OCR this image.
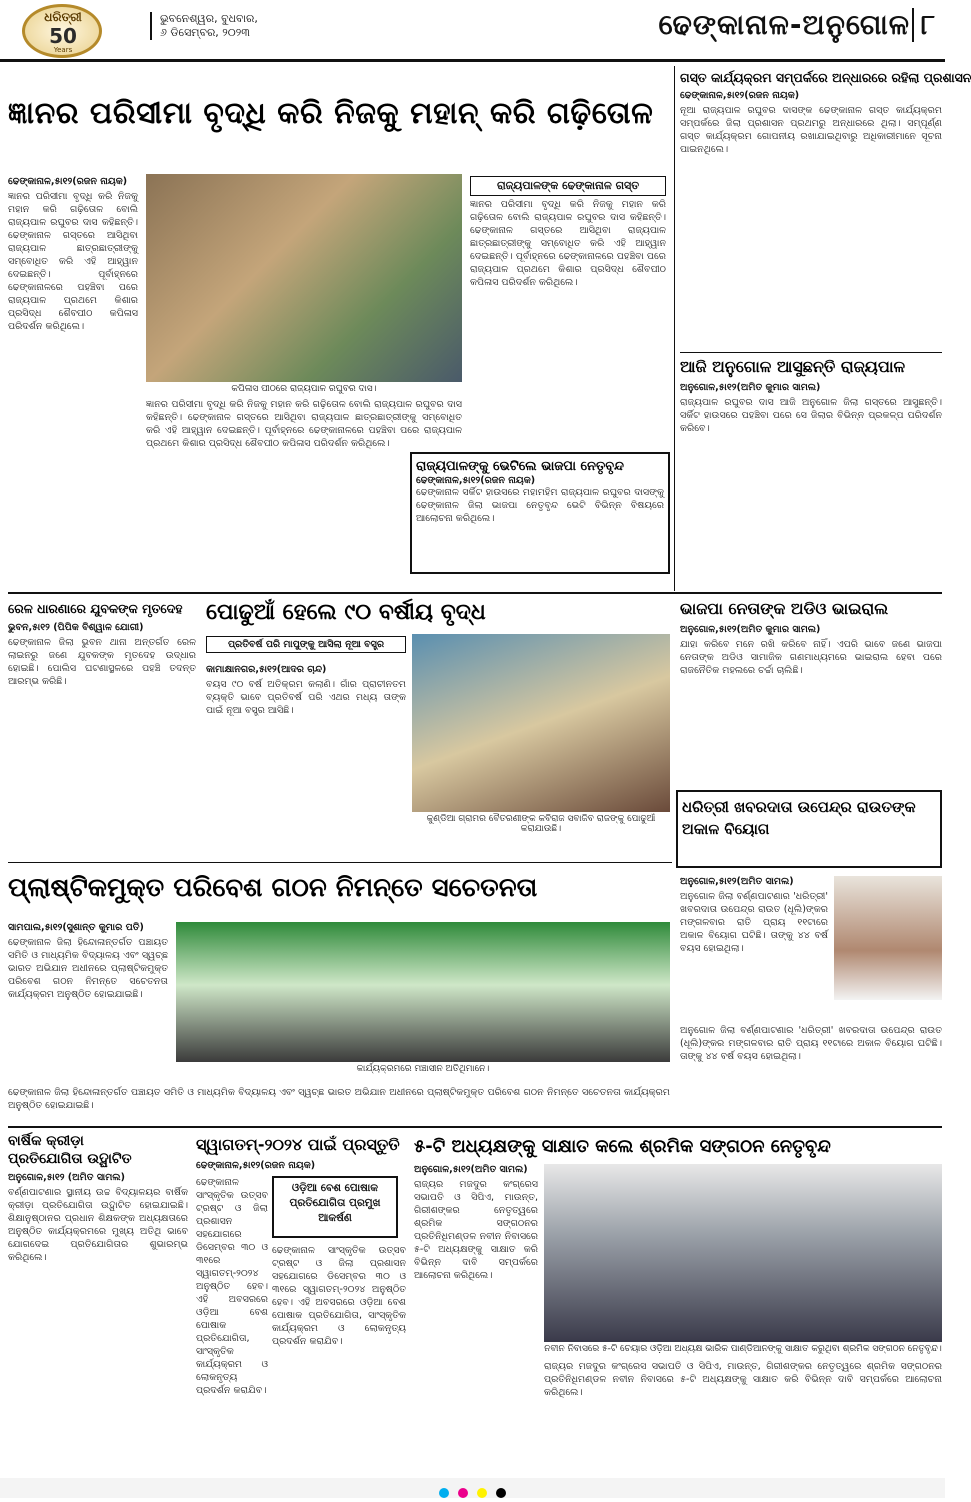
ଧରିତ୍ରୀ
50
Years
ଭୁବନେଶ୍ୱର, ବୁଧବାର,
୬ ଡିସେମ୍ବର, ୨୦୨୩	ଢେଙ୍କାନାଳ-ଅନୁଗୋଳ ୮
ଜ୍ଞାନର ପରିସୀମା ବୃଦ୍ଧି କରି ନିଜକୁ ମହାନ୍ କରି ଗଢ଼ିତୋଳ
ଗସ୍ତ କାର୍ଯ୍ୟକ୍ରମ ସମ୍ପର୍କରେ ଅନ୍ଧାରରେ ରହିଲା ପ୍ରଶାସନ
ଢେଙ୍କାନାଳ,୫ା୧୨(ରଜନ ନାୟକ)
ନୂଆ ରାଜ୍ୟପାଳ ରଘୁବର ଦାସଙ୍କ ଢେଙ୍କାନାଳ ଗସ୍ତ କାର୍ଯ୍ୟକ୍ରମ ସମ୍ପର୍କରେ ଜିଲା ପ୍ରଶାସନ ପ୍ରଥମରୁ ଅନ୍ଧାରରେ ଥିଲା। ସମ୍ପୂର୍ଣ୍ଣ ଗସ୍ତ କାର୍ଯ୍ୟକ୍ରମ ଗୋପନୀୟ ରଖାଯାଇଥିବାରୁ ଅଧିକାରୀମାନେ ସୂଚନା ପାଇନଥିଲେ।
ଢେଙ୍କାନାଳ,୫ା୧୨(ରଜନ ନାୟକ)
ଜ୍ଞାନର ପରିସୀମା ବୃଦ୍ଧି କରି ନିଜକୁ ମହାନ କରି ଗଢ଼ିତୋଳ ବୋଲି ରାଜ୍ୟପାଳ ରଘୁବର ଦାସ କହିଛନ୍ତି। ଢେଙ୍କାନାଳ ଗସ୍ତରେ ଆସିଥିବା ରାଜ୍ୟପାଳ ଛାତ୍ରଛାତ୍ରୀଙ୍କୁ ସମ୍ବୋଧିତ କରି ଏହି ଆହ୍ୱାନ ଦେଇଛନ୍ତି। ପୂର୍ବାହ୍ନରେ ଢେଙ୍କାନାଳରେ ପହଞ୍ଚିବା ପରେ ରାଜ୍ୟପାଳ ପ୍ରଥମେ କିଶାର ପ୍ରସିଦ୍ଧ ଶୈବପୀଠ କପିଳାସ ପରିଦର୍ଶନ କରିଥିଲେ।
କପିଳାସ ପୀଠରେ ରାଜ୍ୟପାଳ ରଘୁବର ଦାସ।
ରାଜ୍ୟପାଳଙ୍କ ଢେଙ୍କାନାଳ ଗସ୍ତ
ଜ୍ଞାନର ପରିସୀମା ବୃଦ୍ଧି କରି ନିଜକୁ ମହାନ କରି ଗଢ଼ିତୋଳ ବୋଲି ରାଜ୍ୟପାଳ ରଘୁବର ଦାସ କହିଛନ୍ତି। ଢେଙ୍କାନାଳ ଗସ୍ତରେ ଆସିଥିବା ରାଜ୍ୟପାଳ ଛାତ୍ରଛାତ୍ରୀଙ୍କୁ ସମ୍ବୋଧିତ କରି ଏହି ଆହ୍ୱାନ ଦେଇଛନ୍ତି। ପୂର୍ବାହ୍ନରେ ଢେଙ୍କାନାଳରେ ପହଞ୍ଚିବା ପରେ ରାଜ୍ୟପାଳ ପ୍ରଥମେ କିଶାର ପ୍ରସିଦ୍ଧ ଶୈବପୀଠ କପିଳାସ ପରିଦର୍ଶନ କରିଥିଲେ।
ଜ୍ଞାନର ପରିସୀମା ବୃଦ୍ଧି କରି ନିଜକୁ ମହାନ କରି ଗଢ଼ିତୋଳ ବୋଲି ରାଜ୍ୟପାଳ ରଘୁବର ଦାସ କହିଛନ୍ତି। ଢେଙ୍କାନାଳ ଗସ୍ତରେ ଆସିଥିବା ରାଜ୍ୟପାଳ ଛାତ୍ରଛାତ୍ରୀଙ୍କୁ ସମ୍ବୋଧିତ କରି ଏହି ଆହ୍ୱାନ ଦେଇଛନ୍ତି। ପୂର୍ବାହ୍ନରେ ଢେଙ୍କାନାଳରେ ପହଞ୍ଚିବା ପରେ ରାଜ୍ୟପାଳ ପ୍ରଥମେ କିଶାର ପ୍ରସିଦ୍ଧ ଶୈବପୀଠ କପିଳାସ ପରିଦର୍ଶନ କରିଥିଲେ।
ରାଜ୍ୟପାଳଙ୍କୁ ଭେଟିଲେ ଭାଜପା ନେତୃବୃନ୍ଦ
ଢେଙ୍କାନାଳ,୫ା୧୨(ରଜନ ନାୟକ)
ଢେଙ୍କାନାଳ ସର୍କିଟ ହାଉସରେ ମହାମହିମ ରାଜ୍ୟପାଳ ରଘୁବର ଦାସଙ୍କୁ ଢେଙ୍କାନାଳ ଜିଲା ଭାଜପା ନେତୃବୃନ୍ଦ ଭେଟି ବିଭିନ୍ନ ବିଷୟରେ ଆଲୋଚନା କରିଥିଲେ।
ଆଜି ଅନୁଗୋଳ ଆସୁଛନ୍ତି ରାଜ୍ୟପାଳ
ଅନୁଗୋଳ,୫ା୧୨(ଅମିତ କୁମାର ସାମଲ)
ରାଜ୍ୟପାଳ ରଘୁବର ଦାସ ଆଜି ଅନୁଗୋଳ ଜିଲା ଗସ୍ତରେ ଆସୁଛନ୍ତି। ସର୍କିଟ ହାଉସରେ ପହଞ୍ଚିବା ପରେ ସେ ଜିଲାର ବିଭିନ୍ନ ପ୍ରକଳ୍ପ ପରିଦର୍ଶନ କରିବେ।
ରେଳ ଧାରଣାରେ ଯୁବକଙ୍କ ମୃତଦେହ
ଭୁବନ,୫ା୧୨ (ପିପିକ ବିଶ୍ୱାଳ ଯୋଗୀ)
ଢେଙ୍କାନାଳ ଜିଲା ଭୁବନ ଥାନା ଅନ୍ତର୍ଗତ ରେଳ ଲାଇନରୁ ଜଣେ ଯୁବକଙ୍କ ମୃତଦେହ ଉଦ୍ଧାର ହୋଇଛି। ପୋଲିସ ଘଟଣାସ୍ଥଳରେ ପହଞ୍ଚି ତଦନ୍ତ ଆରମ୍ଭ କରିଛି।
ପୋଢୁଆଁ ହେଲେ ୯୦ ବର୍ଷୀୟ ବୃଦ୍ଧ
ପ୍ରତିବର୍ଷ ପରି ମାପୁଙ୍କୁ ଆସିଲା ନୂଆ ବସ୍ତ୍ର
କାମାକ୍ଷାନଗର,୫ା୧୨(ଆଦର ଚାନ୍ଦ)
ବୟସ ୯୦ ବର୍ଷ ଅତିକ୍ରମ କଲାଣି। ଗାଁର ପ୍ରାଚୀନତମ ବ୍ୟକ୍ତି ଭାବେ ପ୍ରତିବର୍ଷ ପରି ଏଥର ମଧ୍ୟ ତାଙ୍କ ପାଇଁ ନୂଆ ବସ୍ତ୍ର ଆସିଛି।
କୁଣ୍ଡିଆ ଗ୍ରାମର ବୈତରଣୀଙ୍କ କବିରାଜ ସବାଜିବ ରାଜଙ୍କୁ ପୋଢୁଆଁ କରାଯାଉଛି।
ଭାଜପା ନେତାଙ୍କ ଅଡିଓ ଭାଇରାଲ
ଅନୁଗୋଳ,୫ା୧୨(ଅମିତ କୁମାର ସାମଲ)
ଯାହା କରିବେ ମନେ ରଖି କରିବେ ନାହିଁ। ଏପରି ଭାବେ ଜଣେ ଭାଜପା ନେତାଙ୍କ ଅଡିଓ ସାମାଜିକ ଗଣମାଧ୍ୟମରେ ଭାଇରାଲ ହେବା ପରେ ରାଜନୈତିକ ମହଲରେ ଚର୍ଚ୍ଚା ଚାଲିଛି।
ଧରିତ୍ରୀ ଖବରଦାତା ଉପେନ୍ଦ୍ର ରାଉତଙ୍କ ଅକାଳ ବିୟୋଗ
ଅନୁଗୋଳ,୫ା୧୨(ଅମିତ ସାମଲ)
ଅନୁଗୋଳ ଜିଲା ବର୍ଣ୍ଣପାଟଣାର 'ଧରିତ୍ରୀ' ଖବରଦାତା ଉପେନ୍ଦ୍ର ରାଉତ (ଧୂଲି)ଙ୍କର ମଙ୍ଗଳବାର ରାତି ପ୍ରାୟ ୧୧ଟାରେ ଅକାଳ ବିୟୋଗ ଘଟିଛି। ତାଙ୍କୁ ୪୪ ବର୍ଷ ବୟସ ହୋଇଥିଲା।
ପ୍ଲାଷ୍ଟିକମୁକ୍ତ ପରିବେଶ ଗଠନ ନିମନ୍ତେ ସଚେତନତା
ସାମପାଲ,୫ା୧୨(ସୁଶାନ୍ତ କୁମାର ପତି)
ଢେଙ୍କାନାଳ ଜିଲା ହିନ୍ଦୋଳାନ୍ତର୍ଗତ ପଞ୍ଚାୟତ ସମିତି ଓ ମାଧ୍ୟମିକ ବିଦ୍ୟାଳୟ ଏବଂ ସ୍ୱଚ୍ଛ ଭାରତ ଅଭିଯାନ ଅଧୀନରେ ପ୍ଲାଷ୍ଟିକମୁକ୍ତ ପରିବେଶ ଗଠନ ନିମନ୍ତେ ସଚେତନତା କାର୍ଯ୍ୟକ୍ରମ ଅନୁଷ୍ଠିତ ହୋଇଯାଇଛି।
କାର୍ଯ୍ୟକ୍ରମରେ ମଞ୍ଚାସୀନ ଅତିଥିମାନେ।
ଢେଙ୍କାନାଳ ଜିଲା ହିନ୍ଦୋଳାନ୍ତର୍ଗତ ପଞ୍ଚାୟତ ସମିତି ଓ ମାଧ୍ୟମିକ ବିଦ୍ୟାଳୟ ଏବଂ ସ୍ୱଚ୍ଛ ଭାରତ ଅଭିଯାନ ଅଧୀନରେ ପ୍ଲାଷ୍ଟିକମୁକ୍ତ ପରିବେଶ ଗଠନ ନିମନ୍ତେ ସଚେତନତା କାର୍ଯ୍ୟକ୍ରମ ଅନୁଷ୍ଠିତ ହୋଇଯାଇଛି।
ଅନୁଗୋଳ ଜିଲା ବର୍ଣ୍ଣପାଟଣାର 'ଧରିତ୍ରୀ' ଖବରଦାତା ଉପେନ୍ଦ୍ର ରାଉତ (ଧୂଲି)ଙ୍କର ମଙ୍ଗଳବାର ରାତି ପ୍ରାୟ ୧୧ଟାରେ ଅକାଳ ବିୟୋଗ ଘଟିଛି। ତାଙ୍କୁ ୪୪ ବର୍ଷ ବୟସ ହୋଇଥିଲା।
ବାର୍ଷିକ କ୍ରୀଡ଼ା
ପ୍ରତିଯୋଗିତା ଉଦ୍ଘାଟିତ
ଅନୁଗୋଳ,୫ା୧୨ (ଅମିତ ସାମଲ)
ବର୍ଣ୍ଣପାଟଣାର ସ୍ଥାନୀୟ ଉଚ୍ଚ ବିଦ୍ୟାଳୟର ବାର୍ଷିକ କ୍ରୀଡ଼ା ପ୍ରତିଯୋଗିତା ଉଦ୍ଘାଟିତ ହୋଇଯାଇଛି। ଶିକ୍ଷାନୁଷ୍ଠାନର ପ୍ରଧାନ ଶିକ୍ଷକଙ୍କ ଅଧ୍ୟକ୍ଷତାରେ ଅନୁଷ୍ଠିତ କାର୍ଯ୍ୟକ୍ରମରେ ମୁଖ୍ୟ ଅତିଥି ଭାବେ ଯୋଗଦେଇ ପ୍ରତିଯୋଗିତାର ଶୁଭାରମ୍ଭ କରିଥିଲେ।
ସ୍ୱାଗତମ୍-୨୦୨୪ ପାଇଁ ପ୍ରସ୍ତୁତି
ଢେଙ୍କାନାଳ,୫ା୧୨(ରଜନ ନାୟକ)
ଓଡ଼ିଆ ବେଶ ପୋଷାକ ପ୍ରତିଯୋଗିତା ପ୍ରମୁଖ ଆକର୍ଷଣ
ଢେଙ୍କାନାଳ ସାଂସ୍କୃତିକ ଉତ୍ସବ ଟ୍ରଷ୍ଟ ଓ ଜିଲା ପ୍ରଶାସନ ସହଯୋଗରେ ଡିସେମ୍ବର ୩୦ ଓ ୩୧ରେ ସ୍ୱାଗତମ୍-୨୦୨୪ ଅନୁଷ୍ଠିତ ହେବ। ଏହି ଅବସରରେ ଓଡ଼ିଆ ବେଶ ପୋଷାକ ପ୍ରତିଯୋଗିତା, ସାଂସ୍କୃତିକ କାର୍ଯ୍ୟକ୍ରମ ଓ ଲୋକନୃତ୍ୟ ପ୍ରଦର୍ଶନ କରାଯିବ।
ଢେଙ୍କାନାଳ ସାଂସ୍କୃତିକ ଉତ୍ସବ ଟ୍ରଷ୍ଟ ଓ ଜିଲା ପ୍ରଶାସନ ସହଯୋଗରେ ଡିସେମ୍ବର ୩୦ ଓ ୩୧ରେ ସ୍ୱାଗତମ୍-୨୦୨୪ ଅନୁଷ୍ଠିତ ହେବ। ଏହି ଅବସରରେ ଓଡ଼ିଆ ବେଶ ପୋଷାକ ପ୍ରତିଯୋଗିତା, ସାଂସ୍କୃତିକ କାର୍ଯ୍ୟକ୍ରମ ଓ ଲୋକନୃତ୍ୟ ପ୍ରଦର୍ଶନ କରାଯିବ।
୫-ଟି ଅଧ୍ୟକ୍ଷଙ୍କୁ ସାକ୍ଷାତ କଲେ ଶ୍ରମିକ ସଙ୍ଗଠନ ନେତୃବୃନ୍ଦ
ଅନୁଗୋଳ,୫ା୧୨(ଅମିତ ସାମଲ)
ରାଜ୍ୟର ମଜଦୁର କଂଗ୍ରେସ ସଭାପତି ଓ ସିପିଏ, ମାଉନ୍ତ, ଗିରୀଶଙ୍କର ନେତୃତ୍ୱରେ ଶ୍ରମିକ ସଙ୍ଗଠନର ପ୍ରତିନିଧିମଣ୍ଡଳ ନବୀନ ନିବାସରେ ୫-ଟି ଅଧ୍ୟକ୍ଷଙ୍କୁ ସାକ୍ଷାତ କରି ବିଭିନ୍ନ ଦାବି ସମ୍ପର୍କରେ ଆଲୋଚନା କରିଥିଲେ।
ନବୀନ ନିବାସରେ ୫-ଟି ଚେୟାର ଓଡ଼ିଆ ଅଧ୍ୟକ୍ଷ ଭାରିକ ପାଣ୍ଡିଆନଙ୍କୁ ସାକ୍ଷାତ କରୁଥିବା ଶ୍ରମିକ ସଙ୍ଗଠନ ନେତୃବୃନ୍ଦ।
ରାଜ୍ୟର ମଜଦୁର କଂଗ୍ରେସ ସଭାପତି ଓ ସିପିଏ, ମାଉନ୍ତ, ଗିରୀଶଙ୍କର ନେତୃତ୍ୱରେ ଶ୍ରମିକ ସଙ୍ଗଠନର ପ୍ରତିନିଧିମଣ୍ଡଳ ନବୀନ ନିବାସରେ ୫-ଟି ଅଧ୍ୟକ୍ଷଙ୍କୁ ସାକ୍ଷାତ କରି ବିଭିନ୍ନ ଦାବି ସମ୍ପର୍କରେ ଆଲୋଚନା କରିଥିଲେ।
